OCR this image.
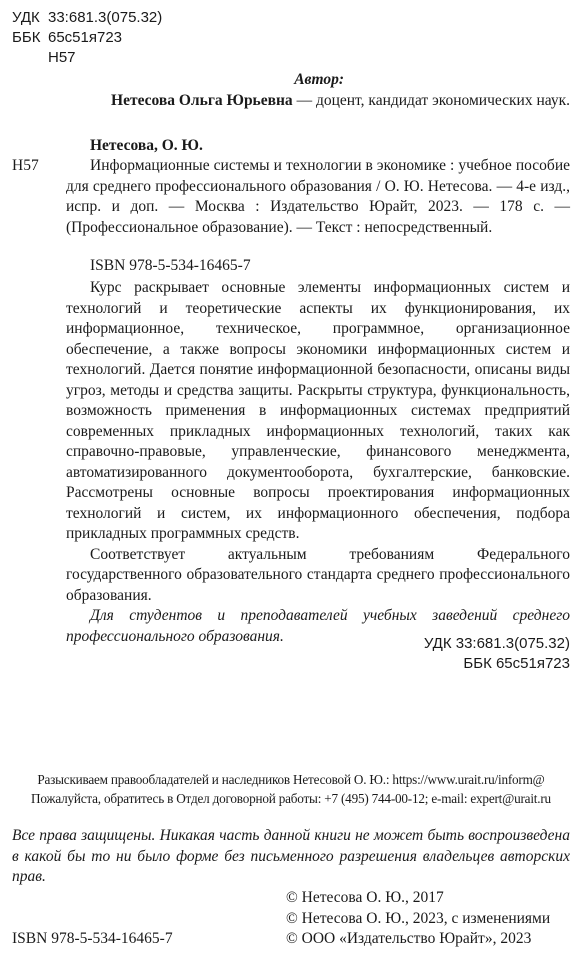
УДК 33:681.3(075.32)
ББК 65с51я723
Н57
Автор:
Нетесова Ольга Юрьевна — доцент, кандидат экономических наук.
Нетесова, О. Ю.
Н57	Информационные системы и технологии в экономике : учебное пособие для среднего профессионального образования / О. Ю. Нетесова. — 4-е изд., испр. и доп. — Москва : Издательство Юрайт, 2023. — 178 с. — (Профессиональное образование). — Текст : непосредственный.
ISBN 978-5-534-16465-7

Курс раскрывает основные элементы информационных систем и технологий и теоретические аспекты их функционирования, их информационное, техническое, программное, организационное обеспечение, а также вопросы экономики информационных систем и технологий. Дается понятие информационной безопасности, описаны виды угроз, методы и средства защиты. Раскрыты структура, функциональность, возможность применения в информационных системах предприятий современных прикладных информационных технологий, таких как справочно-правовые, управленческие, финансового менеджмента, автоматизированного документооборота, бухгалтерские, банковские. Рассмотрены основные вопросы проектирования информационных технологий и систем, их информационного обеспечения, подбора прикладных программных средств.

Соответствует актуальным требованиям Федерального государственного образовательного стандарта среднего профессионального образования.

Для студентов и преподавателей учебных заведений среднего профессионального образования.	УДК 33:681.3(075.32)
ББК 65с51я723
Разыскиваем правообладателей и наследников Нетесовой О. Ю.: https://www.urait.ru/inform@
Пожалуйста, обратитесь в Отдел договорной работы: +7 (495) 744-00-12; e-mail: expert@urait.ru
Все права защищены. Никакая часть данной книги не может быть воспроизведена в какой бы то ни было форме без письменного разрешения владельцев авторских прав.
© Нетесова О. Ю., 2017
© Нетесова О. Ю., 2023, с изменениями
© ООО «Издательство Юрайт», 2023
ISBN 978-5-534-16465-7
